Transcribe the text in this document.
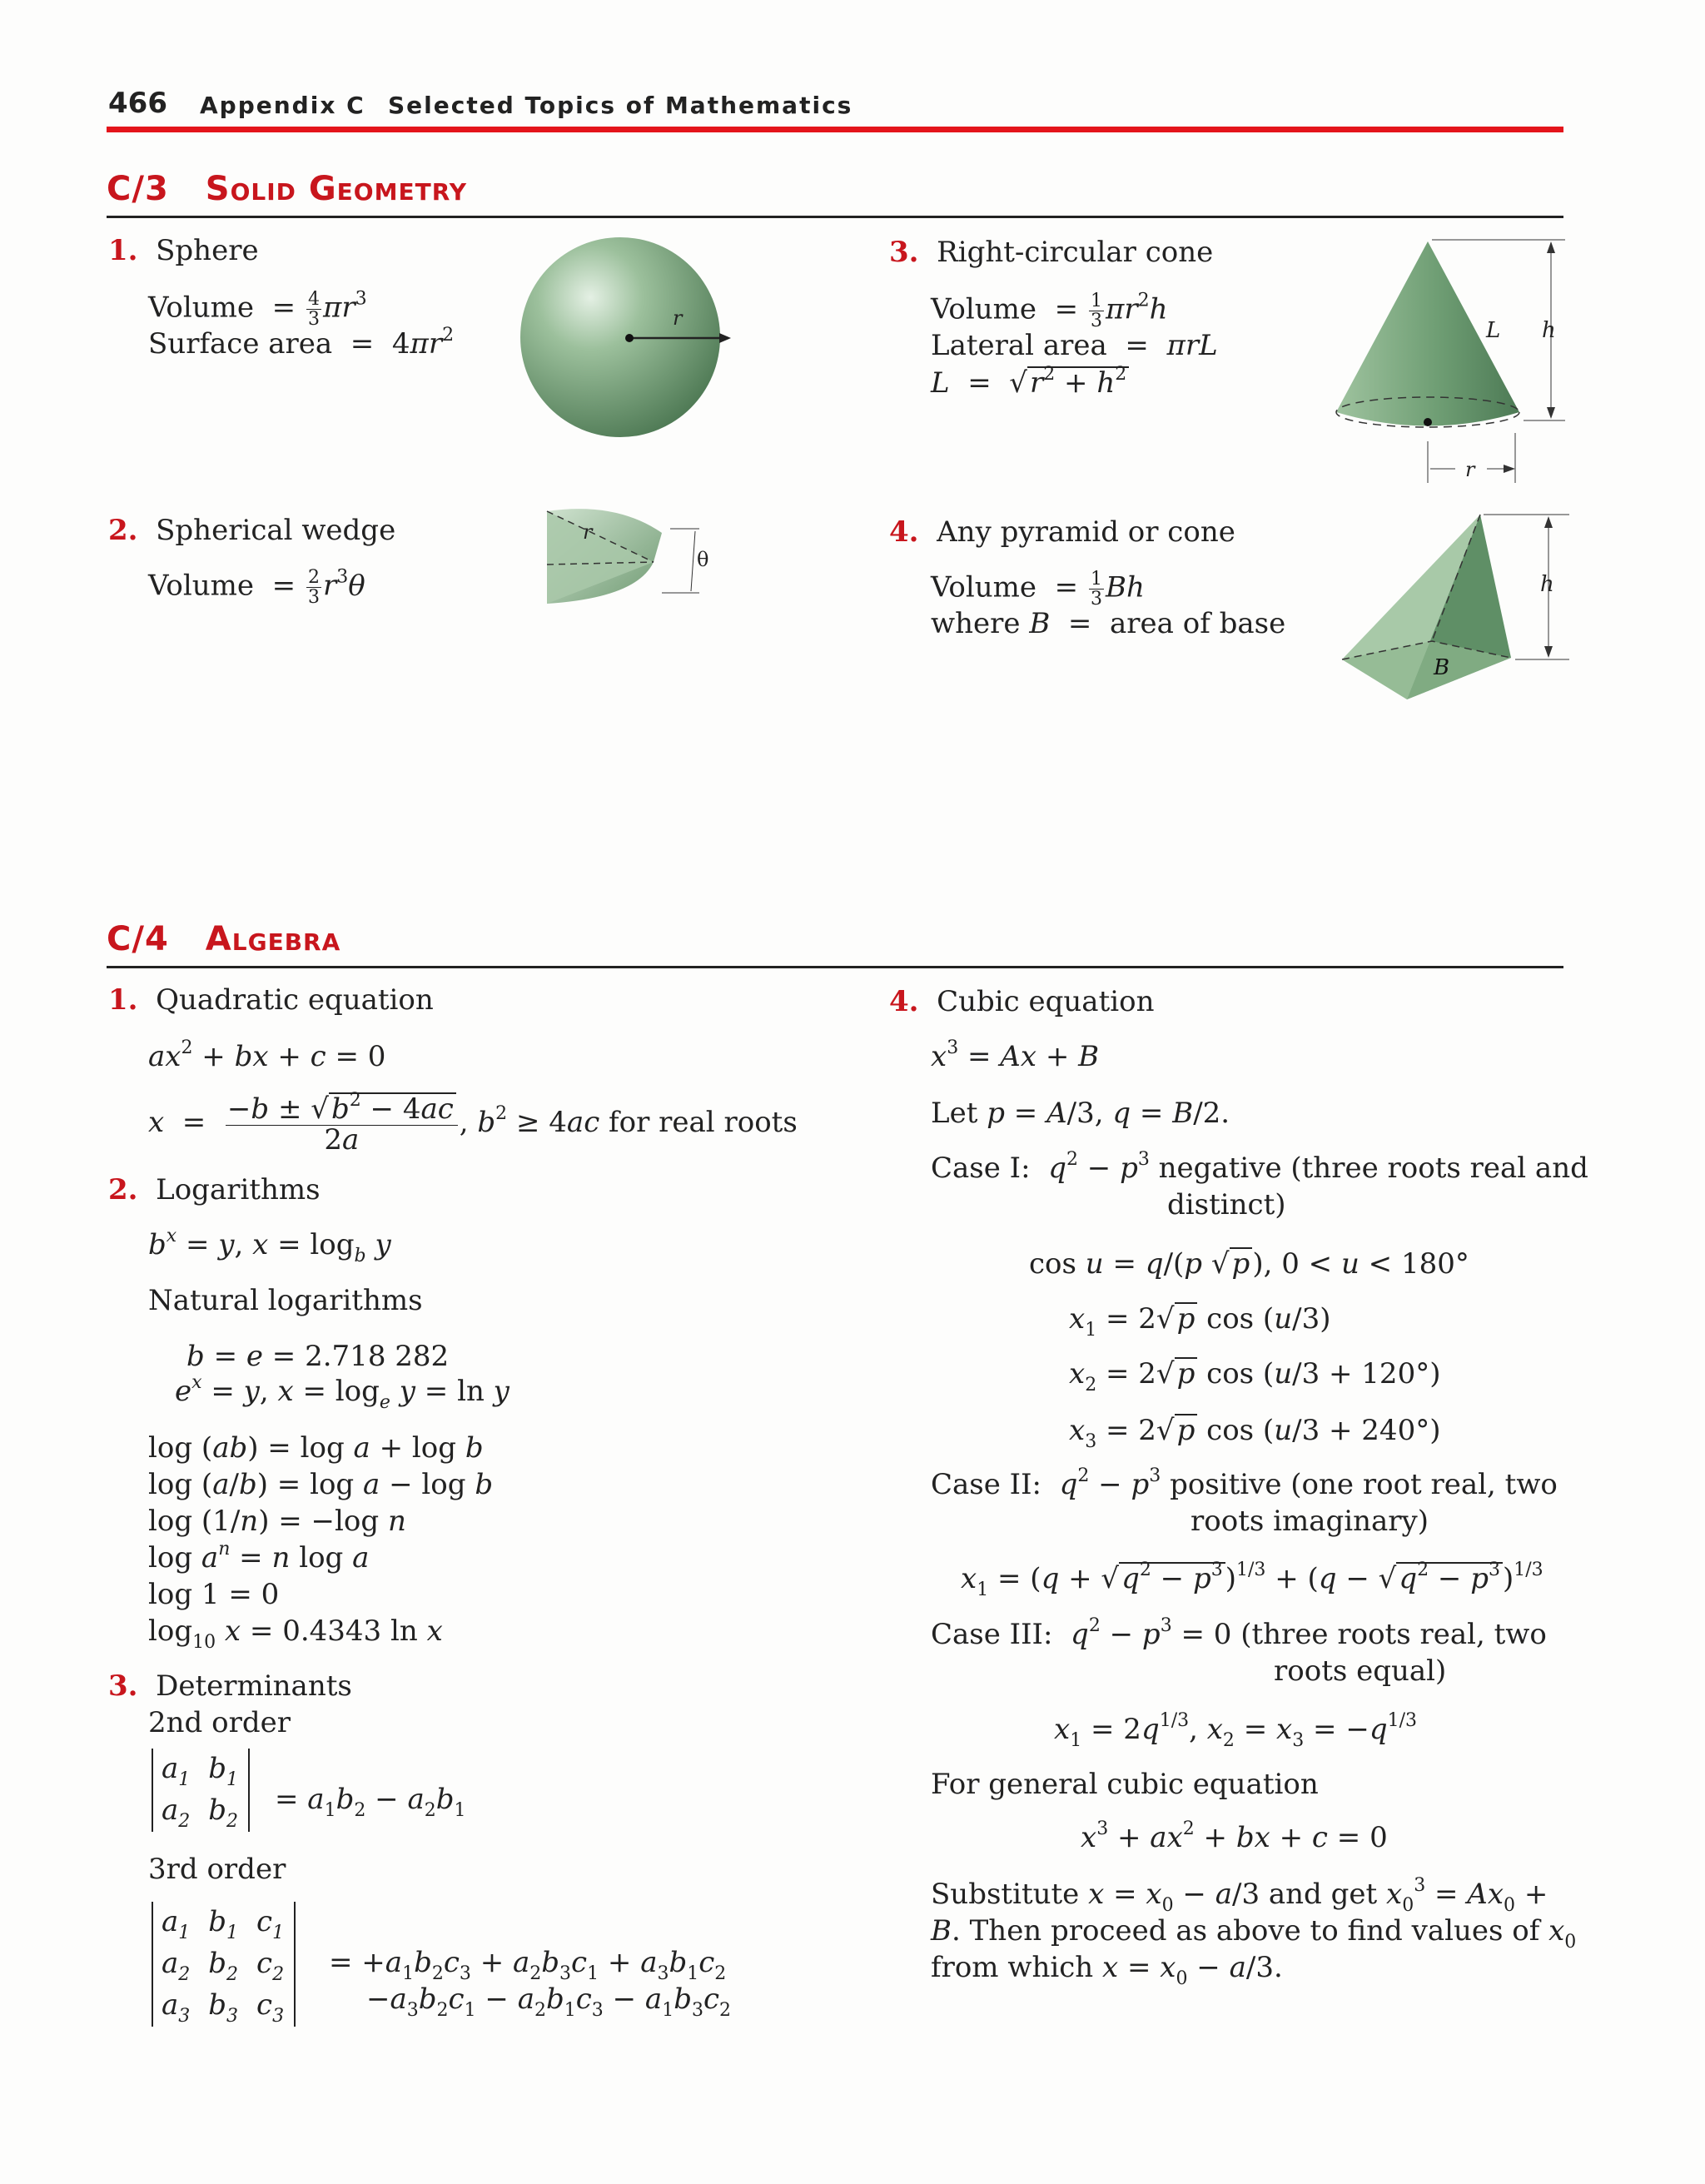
466 Appendix C Selected Topics of Mathematics
C/3 Solid Geometry
1. Sphere
Volume  = $\frac{4}{3} \pi r^3$
Surface area  =  $4\pi r^2$
r
2. Spherical wedge
Volume  = $\frac{2}{3} r^3\theta$
r
θ
3. Right-circular cone
Volume  = $\frac{1}{3} \pi r^2h$
Lateral area  =  πrL
$L = √r^2 + h^2$
L h
r
4. Any pyramid or cone
Volume  = $\frac{1}{3}$ Bh
where B  =  area of base
B
h
C/4 Algebra
1. Quadratic equation
$ax^2$ + bx + c = 0
$x = \frac{-b \pm √b^2 - 4ac}{2a}$ , $b^2 \ge 4ac$ for real roots
2. Logarithms
$b^x = y$, $x = \log_b y$
Natural logarithms
b = e = 2.718 282
$e^x = y$, $x = \log_e y = \ln y$
log (ab) = log a + log b
log (a/b) = log a − log b
log (1/n) = −log n
$\log a^n = n$ log a
log 1 = 0
$\log_{10} x = 0.4343$ ln x
3. Determinants
2nd order
$a_1$	$b_1$
$a_2$	$b_2$
= $a_1b_2 - a_2b_1$
3rd order
$a_1$	$b_1$	$c_1$
$a_2$	$b_2$	$c_2$
$a_3$	$b_3$	$c_3$
= $+a_1b_2c_3 + a_2b_3c_1 + a_3b_1c_2$
$-a_3b_2c_1 - a_2b_1c_3 - a_1b_3c_2$
4. Cubic equation
$x^3 = Ax + B$
Let p = A/3, q = B/2.
Case I: $q^2 - p^3$ negative (three roots real and
distinct)
cos u = q/(p √p), 0 < u < 180°
$x_1 = 2√p$ cos (u/3)
$x_2 = 2√p$ cos (u/3 + 120°)
$x_3 = 2√p$ cos (u/3 + 240°)
Case II: $q^2 - p^3$ positive (one root real, two
roots imaginary)
$x_1 = (q + √q^2 - p^3)^{1/3} + (q - √q^2 - p^3)^{1/3}$
Case III: $q^2 - p^3 = 0$ (three roots real, two
roots equal)
$x_1 = 2q^{1/3}$, $x_2 = x_3 = -q^{1/3}$
For general cubic equation
$x^3 + ax^2$ + bx + c = 0
Substitute $x = x_0 - a/3$ and get $x_0^3 = Ax_0$ +
B. Then proceed as above to find values of $x_0$
from which $x = x_0 - a/3$.
